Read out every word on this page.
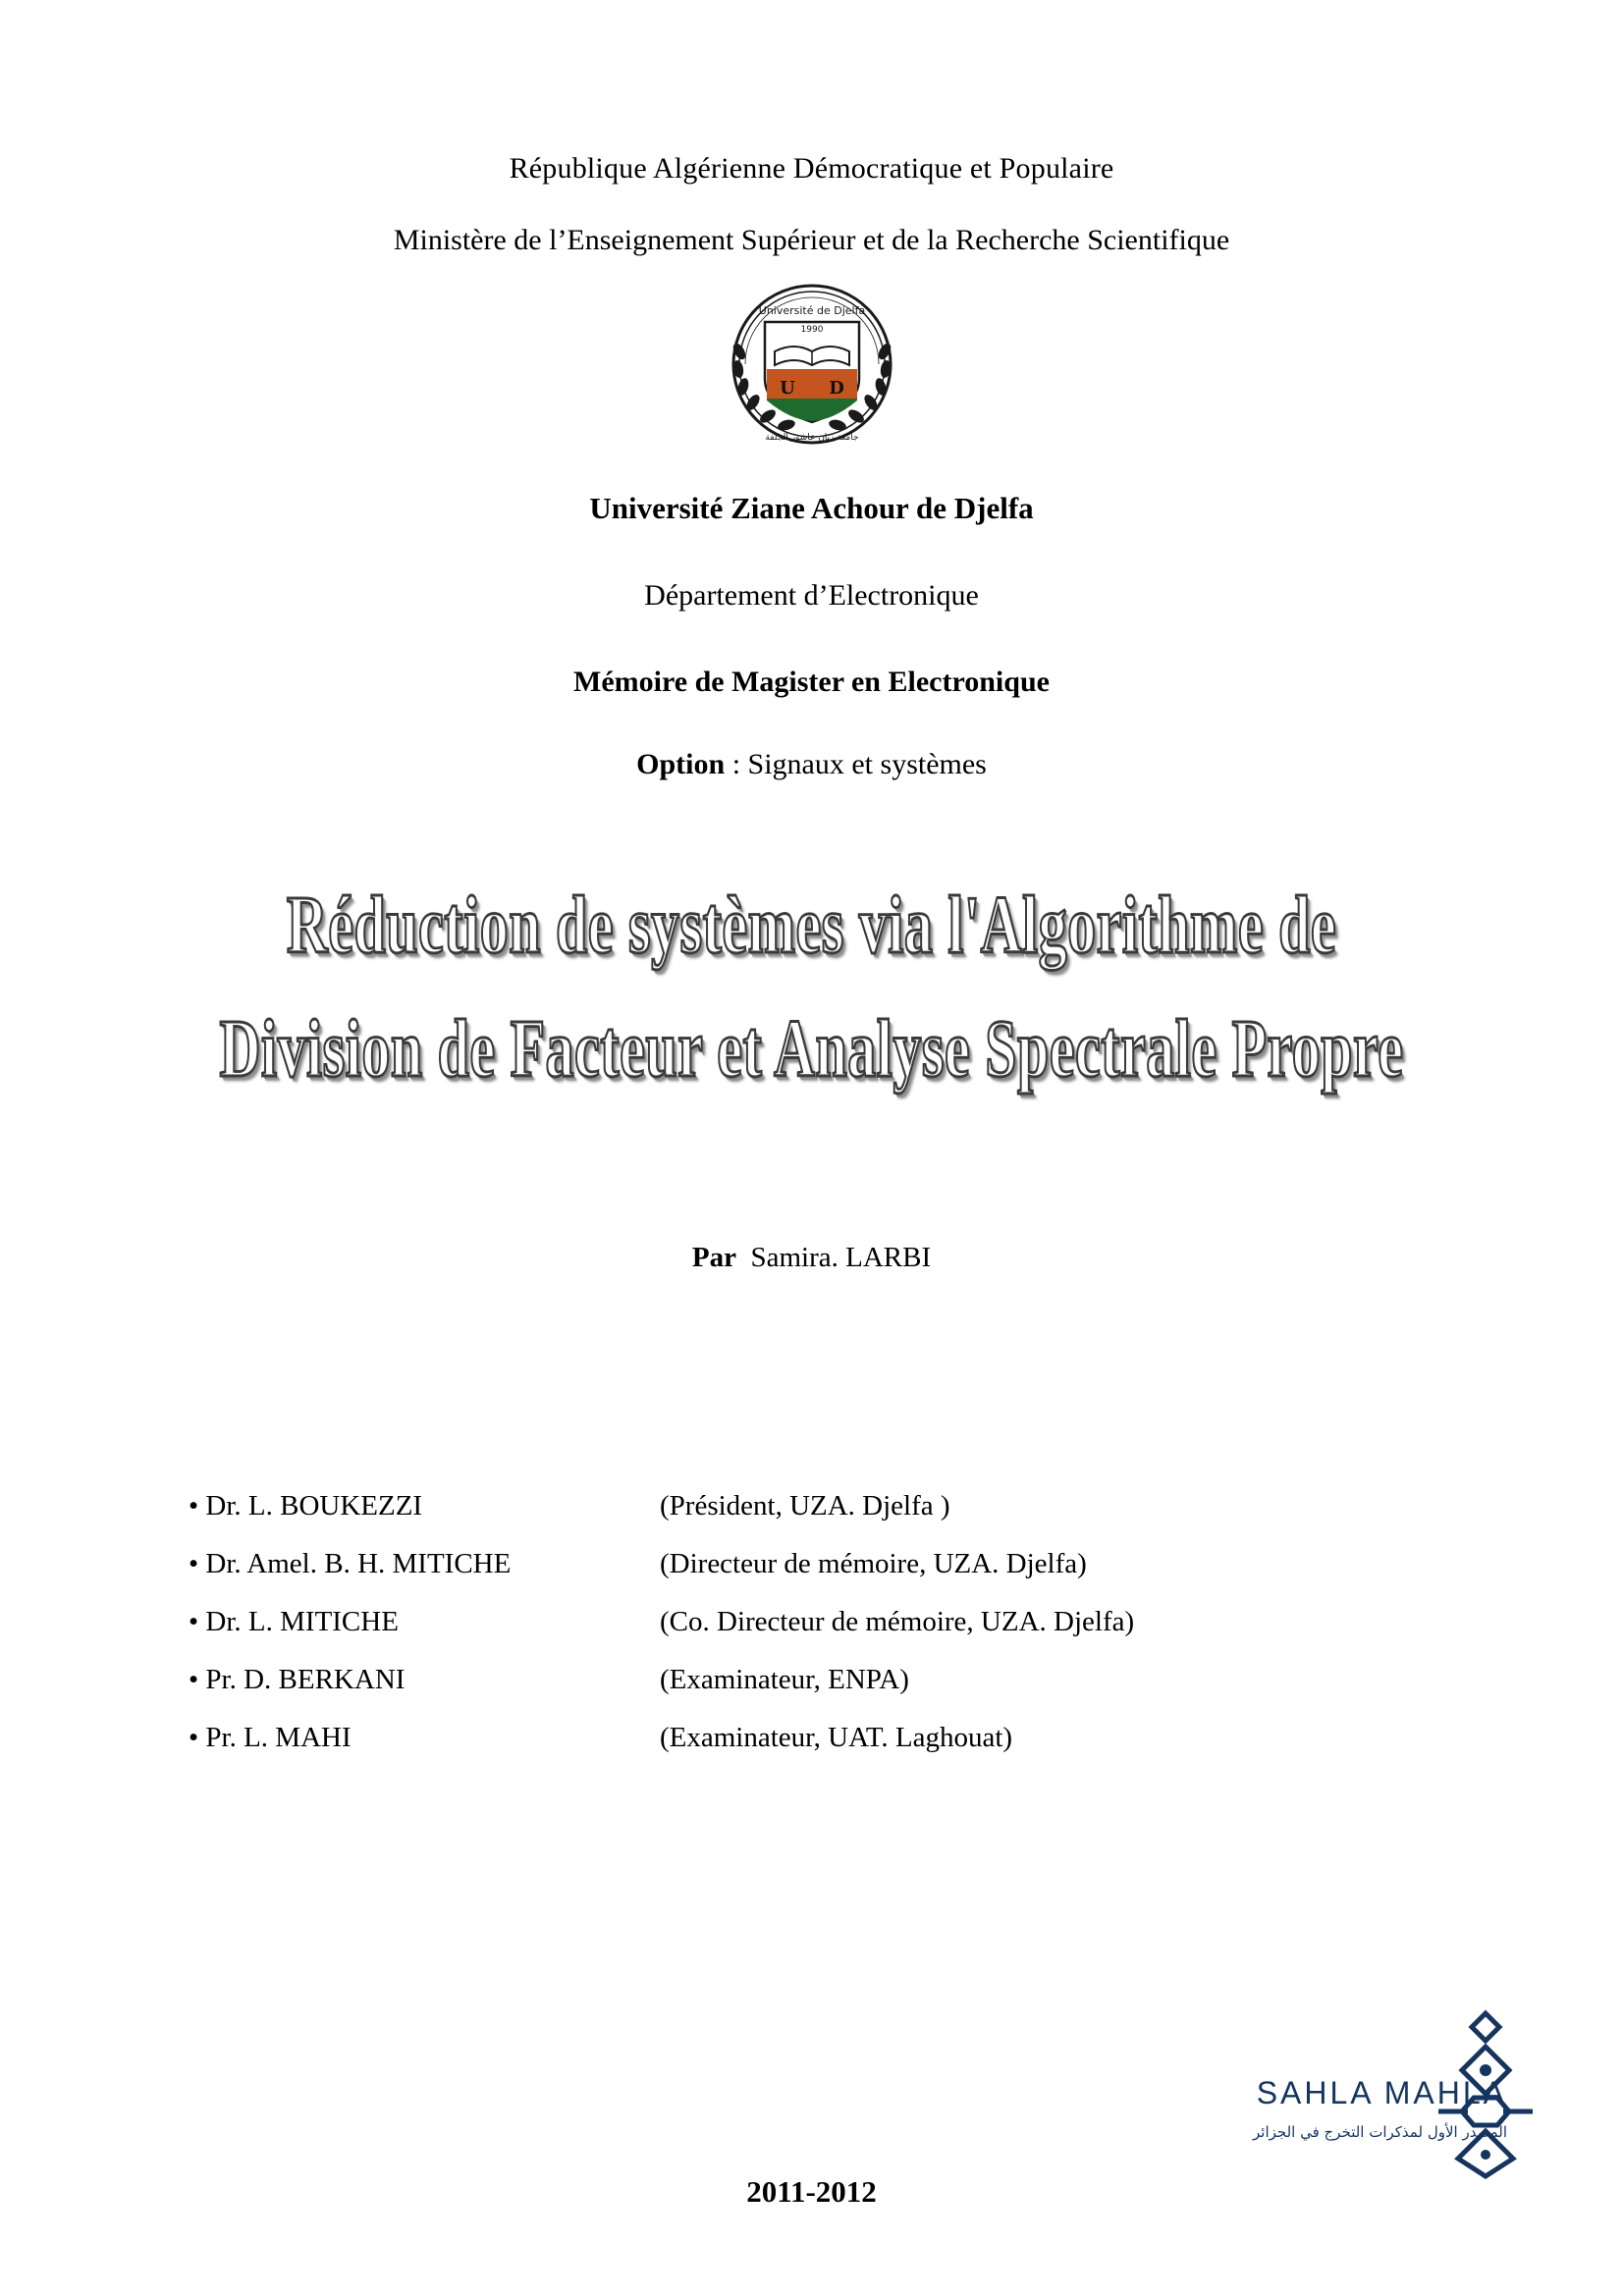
République Algérienne Démocratique et Populaire
Ministère de l’Enseignement Supérieur et de la Recherche Scientifique
Université de Djelfa
1990
U D
جامعة زيان عاشور الجلفة
Université Ziane Achour de Djelfa
Département d’Electronique
Mémoire de Magister en Electronique
Option : Signaux et systèmes
Réduction de systèmes via l'Algorithme de
Division de Facteur et Analyse Spectrale Propre
Par Samira. LARBI
• Dr. L. BOUKEZZI	(Président, UZA. Djelfa )
• Dr. Amel. B. H. MITICHE	(Directeur de mémoire, UZA. Djelfa)
• Dr. L. MITICHE	(Co. Directeur de mémoire, UZA. Djelfa)
• Pr. D. BERKANI	(Examinateur, ENPA)
• Pr. L. MAHI	(Examinateur, UAT. Laghouat)
SAHLA MAHLA
المصدر الأول لمذكرات التخرج في الجزائر
2011-2012
